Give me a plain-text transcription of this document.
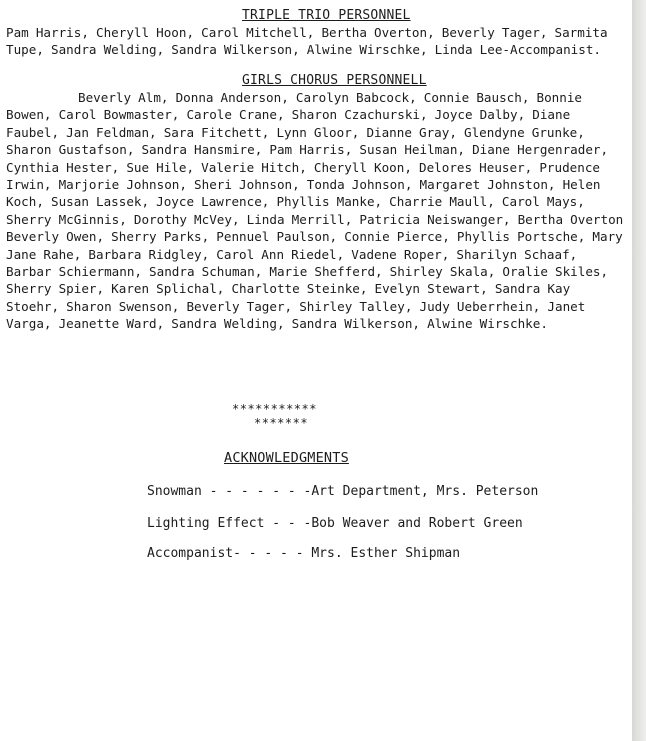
TRIPLE TRIO PERSONNEL
Pam Harris, Cheryll Hoon, Carol Mitchell, Bertha Overton, Beverly Tager, Sarmita Tupe, Sandra Welding, Sandra Wilkerson, Alwine Wirschke, Linda Lee-Accompanist.
GIRLS CHORUS PERSONNELL
Beverly Alm, Donna Anderson, Carolyn Babcock, Connie Bausch, Bonnie Bowen, Carol Bowmaster, Carole Crane, Sharon Czachurski, Joyce Dalby, Diane Faubel, Jan Feldman, Sara Fitchett, Lynn Gloor, Dianne Gray, Glendyne Grunke, Sharon Gustafson, Sandra Hansmire, Pam Harris, Susan Heilman, Diane Hergenrader, Cynthia Hester, Sue Hile, Valerie Hitch, Cheryll Koon, Delores Heuser, Prudence Irwin, Marjorie Johnson, Sheri Johnson, Tonda Johnson, Margaret Johnston, Helen Koch, Susan Lassek, Joyce Lawrence, Phyllis Manke, Charrie Maull, Carol Mays, Sherry McGinnis, Dorothy McVey, Linda Merrill, Patricia Neiswanger, Bertha Overton Beverly Owen, Sherry Parks, Pennuel Paulson, Connie Pierce, Phyllis Portsche, Mary Jane Rahe, Barbara Ridgley, Carol Ann Riedel, Vadene Roper, Sharilyn Schaaf, Barbar Schiermann, Sandra Schuman, Marie Shefferd, Shirley Skala, Oralie Skiles, Sherry Spier, Karen Splichal, Charlotte Steinke, Evelyn Stewart, Sandra Kay Stoehr, Sharon Swenson, Beverly Tager, Shirley Talley, Judy Ueberrhein, Janet Varga, Jeanette Ward, Sandra Welding, Sandra Wilkerson, Alwine Wirschke.
***********
*******
ACKNOWLEDGMENTS
Snowman - - - - - - -Art Department, Mrs. Peterson
Lighting Effect - - -Bob Weaver and Robert Green
Accompanist- - - - - Mrs. Esther Shipman
